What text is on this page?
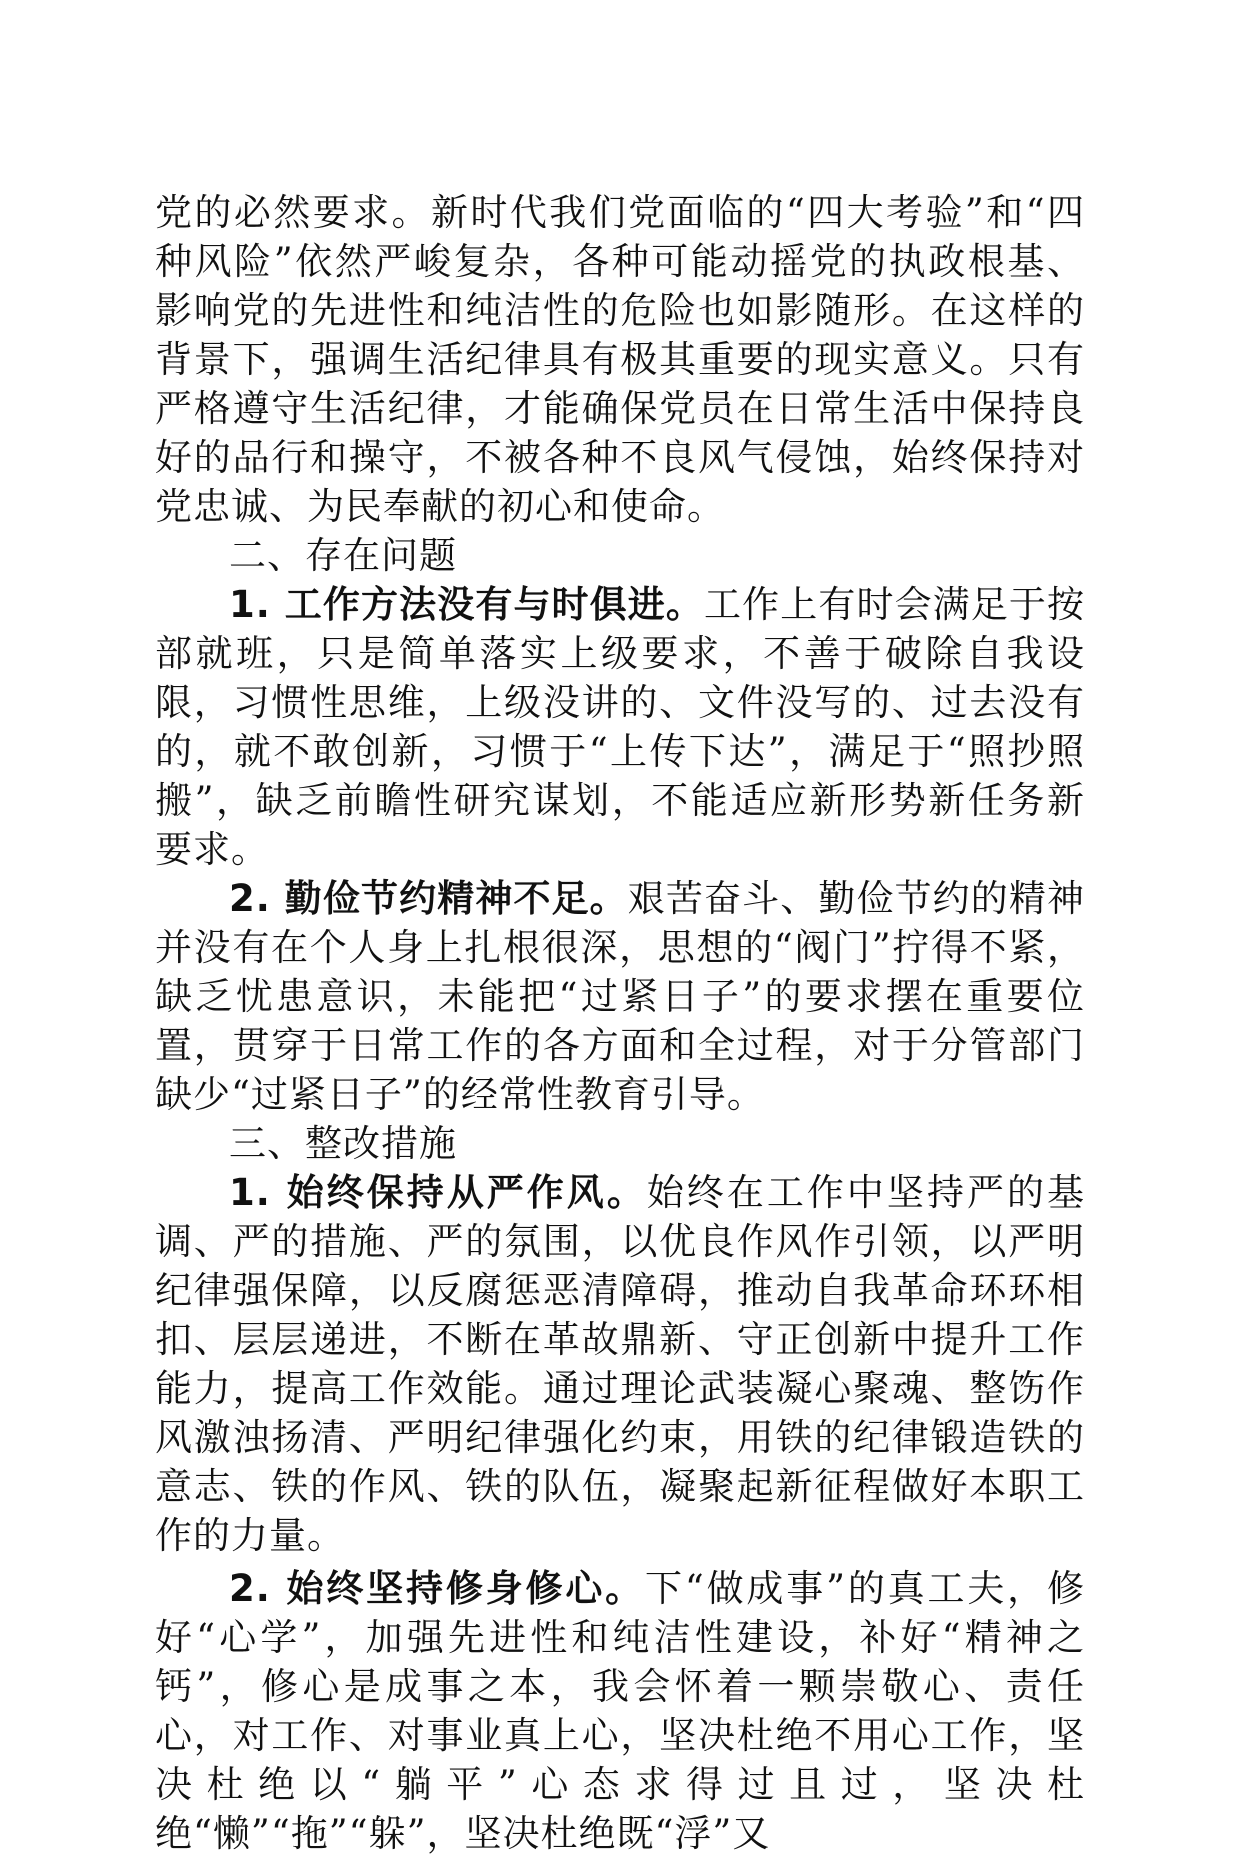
党的必然要求。新时代我们党面临的“四大考验”和“四种风险”依然严峻复杂，各种可能动摇党的执政根基、影响党的先进性和纯洁性的危险也如影随形。在这样的背景下，强调生活纪律具有极其重要的现实意义。只有严格遵守生活纪律，才能确保党员在日常生活中保持良好的品行和操守，不被各种不良风气侵蚀，始终保持对党忠诚、为民奉献的初心和使命。

二、存在问题

1. 工作方法没有与时俱进。工作上有时会满足于按部就班，只是简单落实上级要求，不善于破除自我设限，习惯性思维，上级没讲的、文件没写的、过去没有的，就不敢创新，习惯于“上传下达”，满足于“照抄照搬”，缺乏前瞻性研究谋划，不能适应新形势新任务新要求。

2. 勤俭节约精神不足。艰苦奋斗、勤俭节约的精神并没有在个人身上扎根很深，思想的“阀门”拧得不紧，缺乏忧患意识，未能把“过紧日子”的要求摆在重要位置，贯穿于日常工作的各方面和全过程，对于分管部门缺少“过紧日子”的经常性教育引导。

三、整改措施

1. 始终保持从严作风。始终在工作中坚持严的基调、严的措施、严的氛围，以优良作风作引领，以严明纪律强保障，以反腐惩恶清障碍，推动自我革命环环相扣、层层递进，不断在革故鼎新、守正创新中提升工作能力，提高工作效能。通过理论武装凝心聚魂、整饬作风激浊扬清、严明纪律强化约束，用铁的纪律锻造铁的意志、铁的作风、铁的队伍，凝聚起新征程做好本职工作的力量。

2. 始终坚持修身修心。下“做成事”的真工夫，修好“心学”，加强先进性和纯洁性建设，补好“精神之钙”，修心是成事之本，我会怀着一颗崇敬心、责任心，对工作、对事业真上心，坚决杜绝不用心工作，坚决杜绝以“躺平”心态求得过且过，坚决杜绝“懒”“拖”“躲”，坚决杜绝既“浮”又
